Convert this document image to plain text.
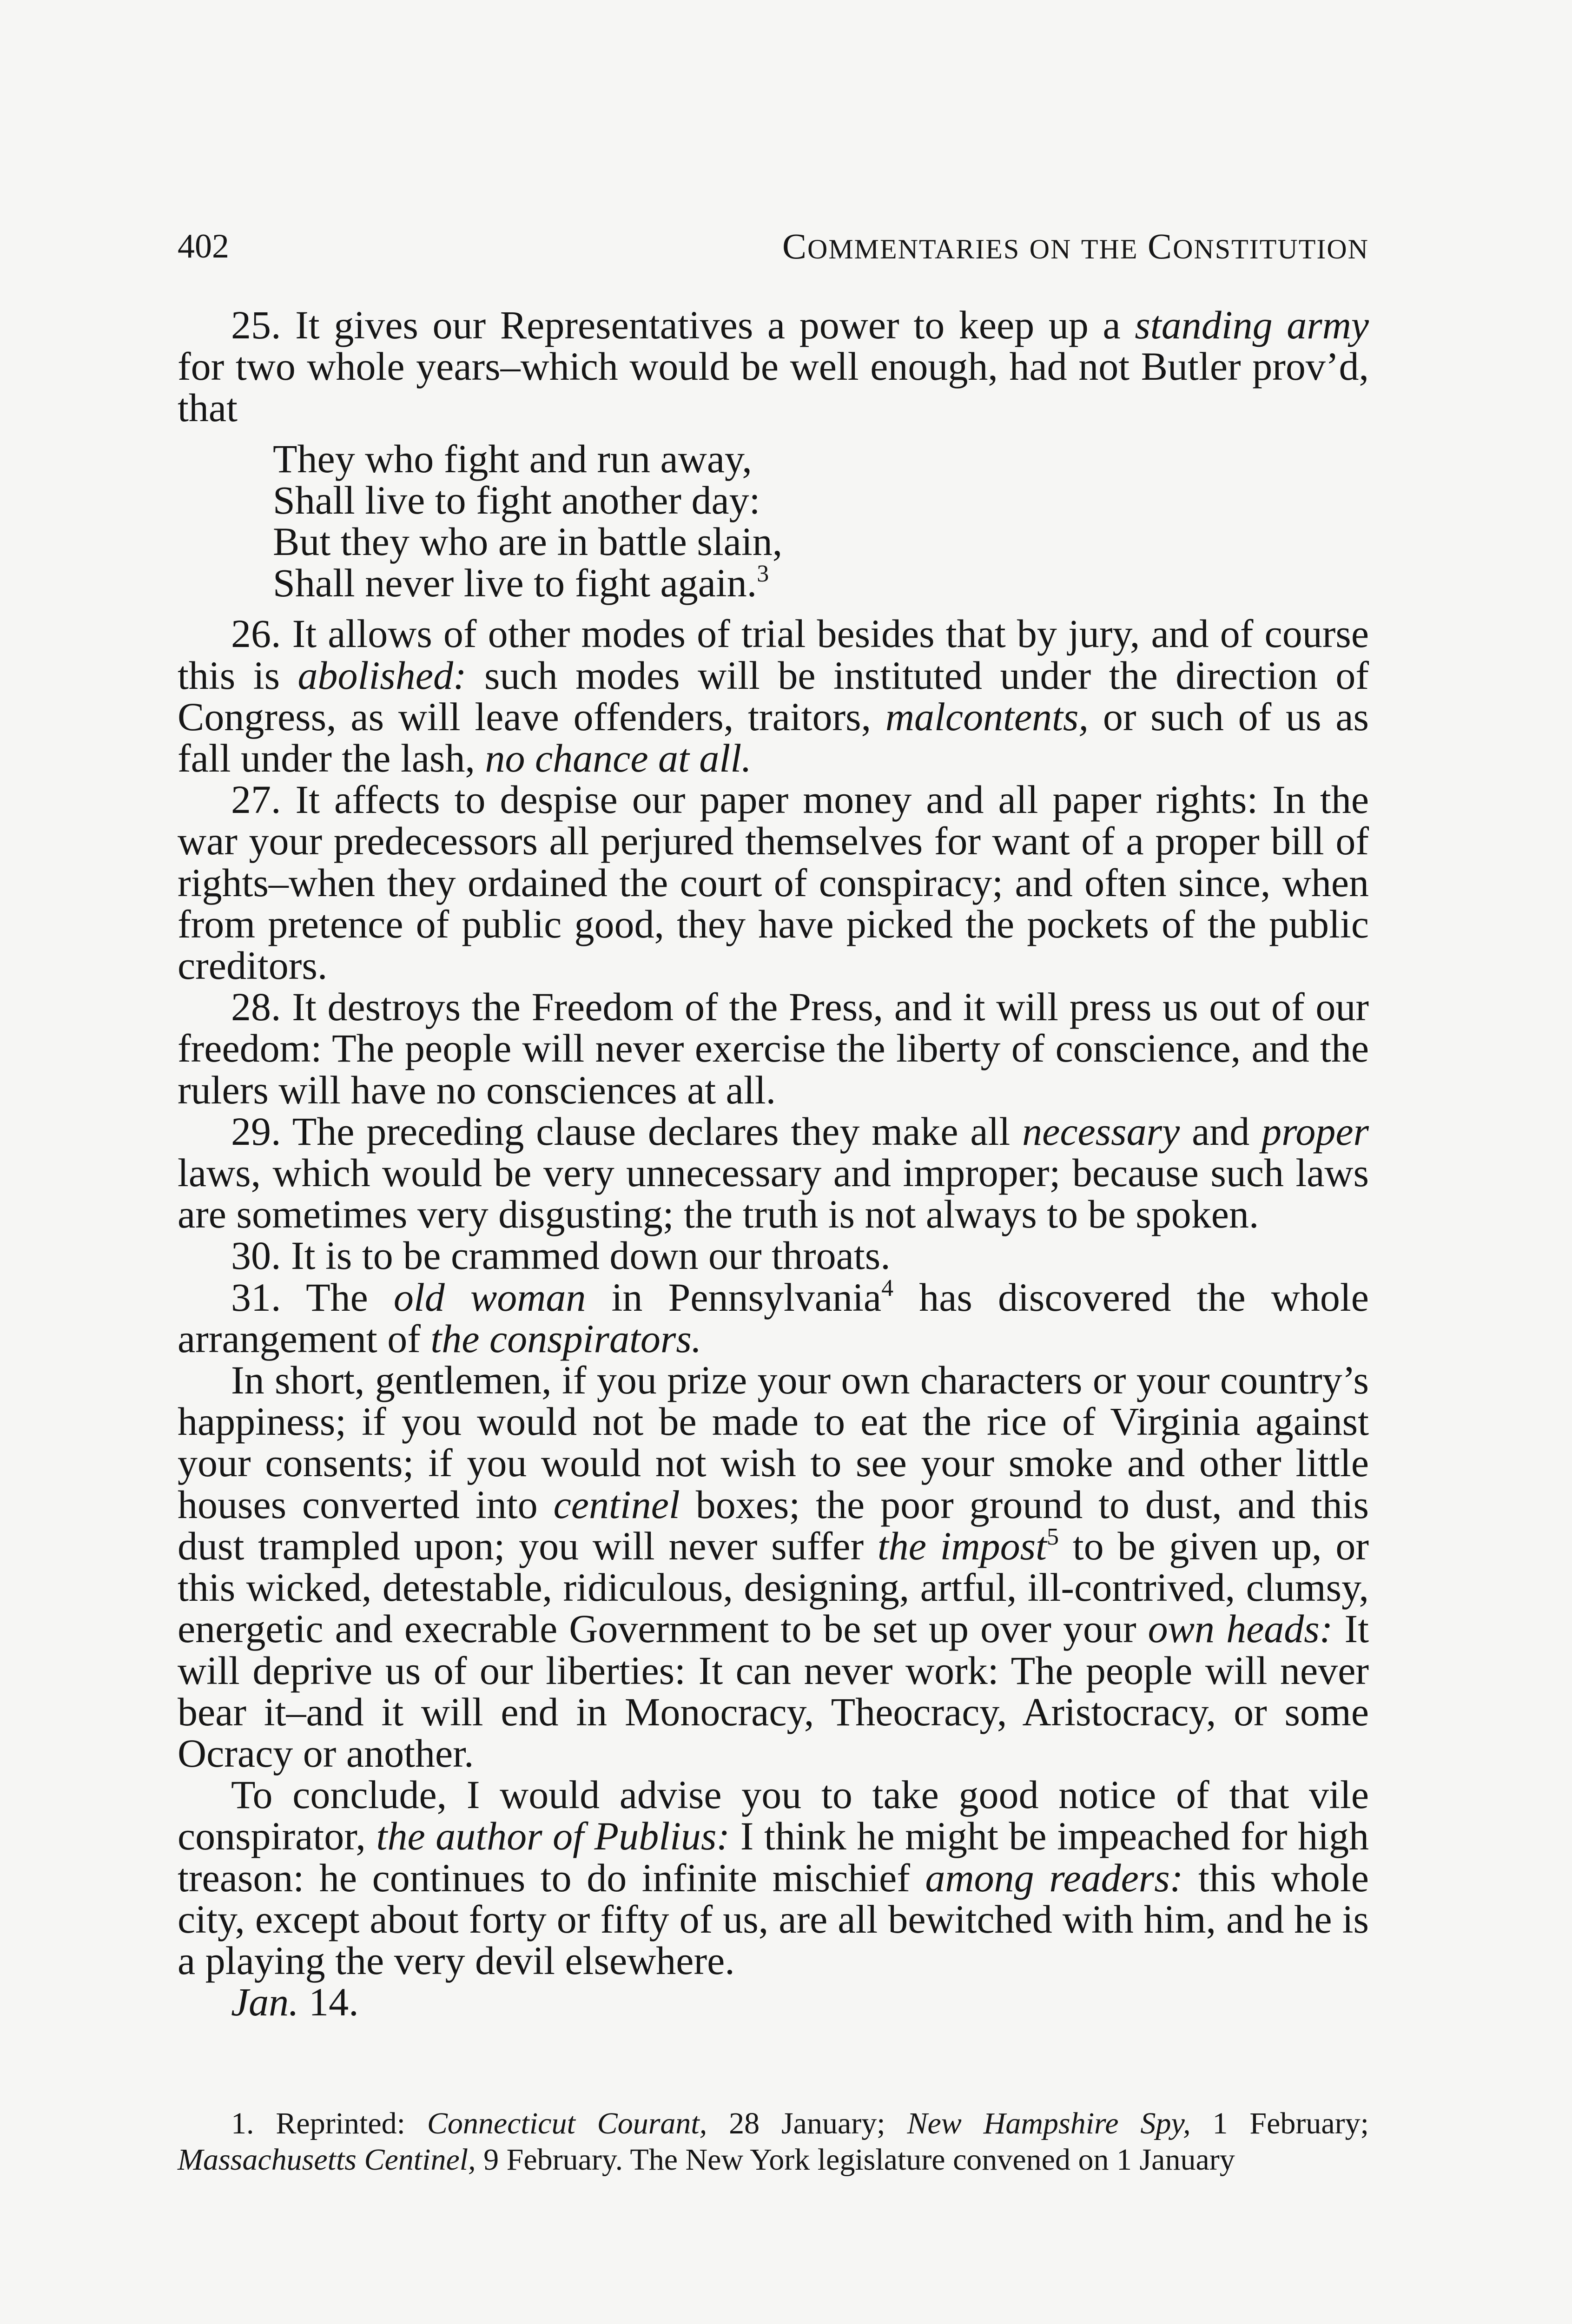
402	COMMENTARIES ON THE CONSTITUTION

25. It gives our Representatives a power to keep up a standing army for two whole years–which would be well enough, had not Butler prov’d, that

They who fight and run away,
Shall live to fight another day:
But they who are in battle slain,
Shall never live to fight again.$^3$

26. It allows of other modes of trial besides that by jury, and of course this is abolished: such modes will be instituted under the direction of Congress, as will leave offenders, traitors, malcontents, or such of us as fall under the lash, no chance at all.

27. It affects to despise our paper money and all paper rights: In the war your predecessors all perjured themselves for want of a proper bill of rights–when they ordained the court of conspiracy; and often since, when from pretence of public good, they have picked the pockets of the public creditors.

28. It destroys the Freedom of the Press, and it will press us out of our freedom: The people will never exercise the liberty of conscience, and the rulers will have no consciences at all.

29. The preceding clause declares they make all necessary and proper laws, which would be very unnecessary and improper; because such laws are sometimes very disgusting; the truth is not always to be spoken.

30. It is to be crammed down our throats.

31. The old woman in Pennsylvania$^4$ has discovered the whole arrangement of the conspirators.

In short, gentlemen, if you prize your own characters or your country’s happiness; if you would not be made to eat the rice of Virginia against your consents; if you would not wish to see your smoke and other little houses converted into centinel boxes; the poor ground to dust, and this dust trampled upon; you will never suffer the impost$^5$ to be given up, or this wicked, detestable, ridiculous, designing, artful, ill-contrived, clumsy, energetic and execrable Government to be set up over your own heads: It will deprive us of our liberties: It can never work: The people will never bear it–and it will end in Monocracy, Theocracy, Aristocracy, or some Ocracy or another.

To conclude, I would advise you to take good notice of that vile conspirator, the author of Publius: I think he might be impeached for high treason: he continues to do infinite mischief among readers: this whole city, except about forty or fifty of us, are all bewitched with him, and he is a playing the very devil elsewhere.

Jan. 14.

1. Reprinted: Connecticut Courant, 28 January; New Hampshire Spy, 1 February; Massachusetts Centinel, 9 February. The New York legislature convened on 1 January
